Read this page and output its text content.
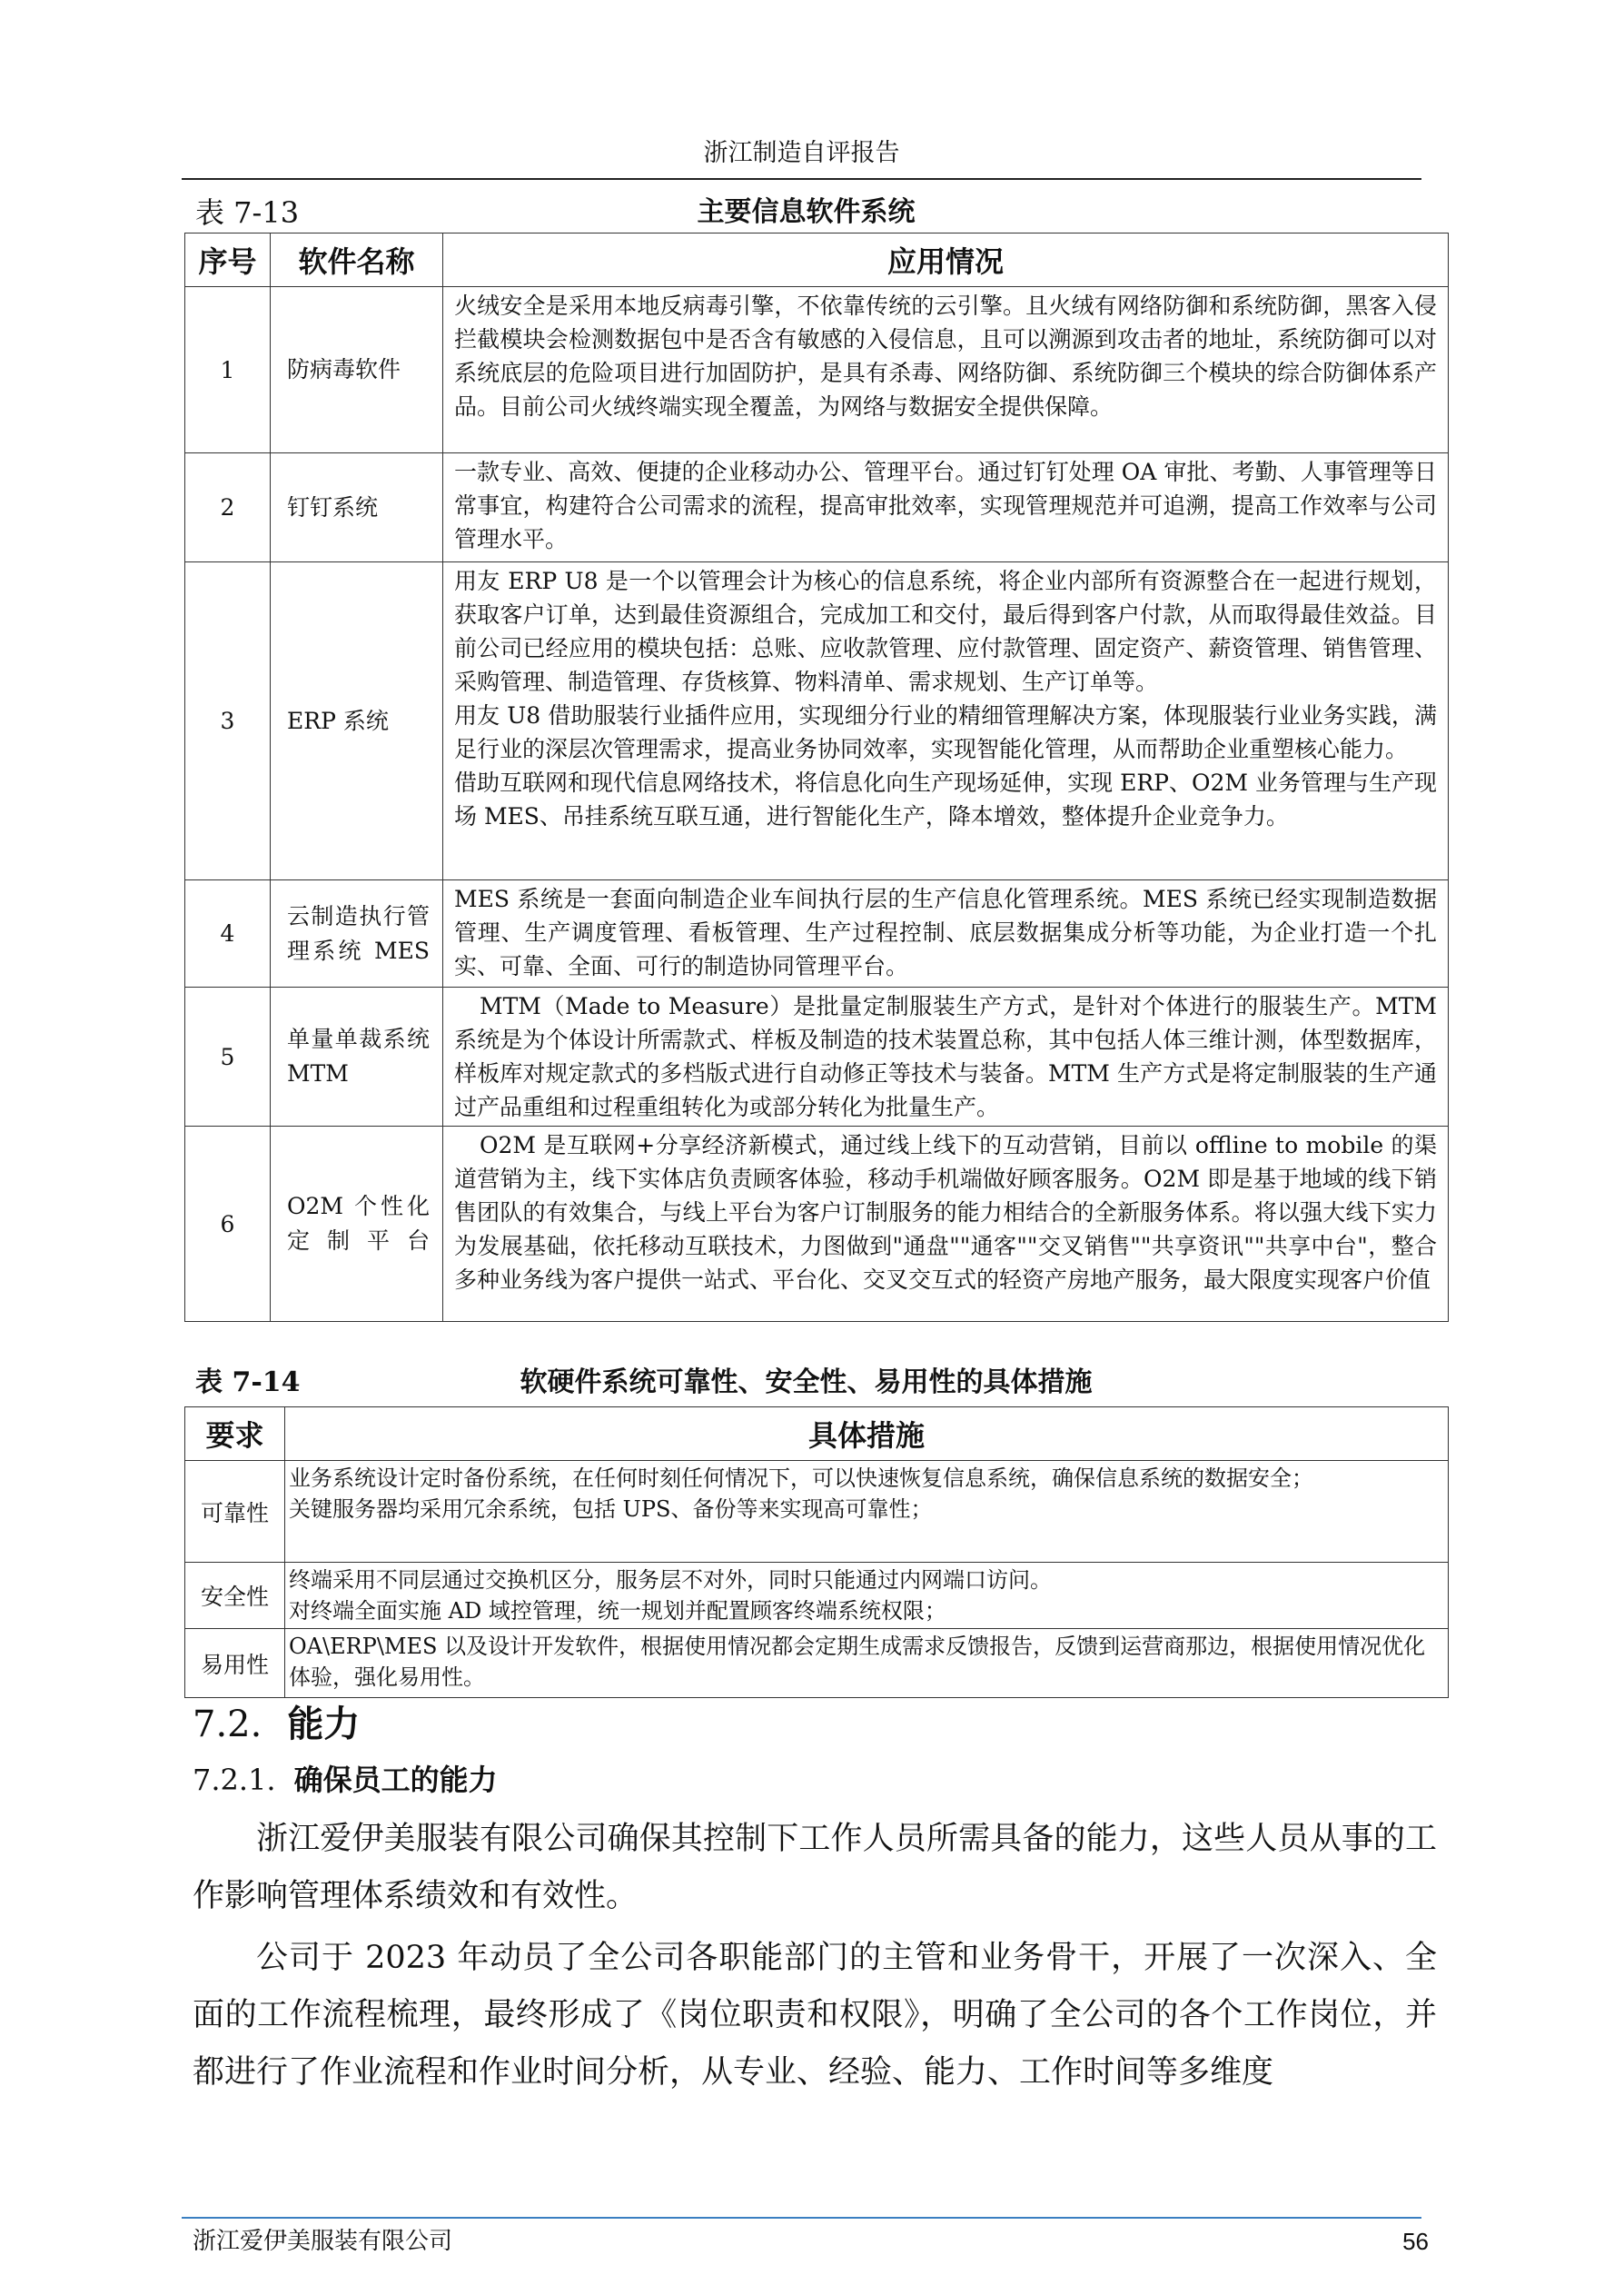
浙江制造自评报告
表 7-13	主要信息软件系统
序号	软件名称	应用情况
1	防病毒软件	火绒安全是采用本地反病毒引擎，不依靠传统的云引擎。且火绒有网络防御和系统防御，黑客入侵拦截模块会检测数据包中是否含有敏感的入侵信息，且可以溯源到攻击者的地址，系统防御可以对系统底层的危险项目进行加固防护，是具有杀毒、网络防御、系统防御三个模块的综合防御体系产品。目前公司火绒终端实现全覆盖，为网络与数据安全提供保障。

2	钉钉系统	一款专业、高效、便捷的企业移动办公、管理平台。通过钉钉处理 OA 审批、考勤、人事管理等日常事宜，构建符合公司需求的流程，提高审批效率，实现管理规范并可追溯，提高工作效率与公司管理水平。

3	ERP 系统	用友 ERP U8 是一个以管理会计为核心的信息系统，将企业内部所有资源整合在一起进行规划，获取客户订单，达到最佳资源组合，完成加工和交付，最后得到客户付款，从而取得最佳效益。目前公司已经应用的模块包括：总账、应收款管理、应付款管理、固定资产、薪资管理、销售管理、采购管理、制造管理、存货核算、物料清单、需求规划、生产订单等。

用友 U8 借助服装行业插件应用，实现细分行业的精细管理解决方案，体现服装行业业务实践，满足行业的深层次管理需求，提高业务协同效率，实现智能化管理，从而帮助企业重塑核心能力。

借助互联网和现代信息网络技术，将信息化向生产现场延伸，实现 ERP、O2M 业务管理与生产现场 MES、吊挂系统互联互通，进行智能化生产，降本增效，整体提升企业竞争力。

4	云制造执行管理系统 MES	MES 系统是一套面向制造企业车间执行层的生产信息化管理系统。MES 系统已经实现制造数据管理、生产调度管理、看板管理、生产过程控制、底层数据集成分析等功能，为企业打造一个扎实、可靠、全面、可行的制造协同管理平台。

5	单量单裁系统 MTM	MTM（Made to Measure）是批量定制服装生产方式，是针对个体进行的服装生产。MTM 系统是为个体设计所需款式、样板及制造的技术装置总称，其中包括人体三维计测，体型数据库，样板库对规定款式的多档版式进行自动修正等技术与装备。MTM 生产方式是将定制服装的生产通过产品重组和过程重组转化为或部分转化为批量生产。

6	O2M 个性化定制平台	O2M 是互联网+分享经济新模式，通过线上线下的互动营销，目前以 offline to mobile 的渠道营销为主，线下实体店负责顾客体验，移动手机端做好顾客服务。O2M 即是基于地域的线下销售团队的有效集合，与线上平台为客户订制服务的能力相结合的全新服务体系。将以强大线下实力为发展基础，依托移动互联技术，力图做到"通盘""通客""交叉销售""共享资讯""共享中台"，整合多种业务线为客户提供一站式、平台化、交叉交互式的轻资产房地产服务，最大限度实现客户价值

表 7-14	软硬件系统可靠性、安全性、易用性的具体措施
要求	具体措施
可靠性	业务系统设计定时备份系统，在任何时刻任何情况下，可以快速恢复信息系统，确保信息系统的数据安全；

关键服务器均采用冗余系统，包括 UPS、备份等来实现高可靠性；

安全性	终端采用不同层通过交换机区分，服务层不对外，同时只能通过内网端口访问。

对终端全面实施 AD 域控管理，统一规划并配置顾客终端系统权限；

易用性	OA\ERP\MES 以及设计开发软件，根据使用情况都会定期生成需求反馈报告，反馈到运营商那边，根据使用情况优化体验，强化易用性。

7.2. 能力
7.2.1. 确保员工的能力

浙江爱伊美服装有限公司确保其控制下工作人员所需具备的能力，这些人员从事的工作影响管理体系绩效和有效性。

公司于 2023 年动员了全公司各职能部门的主管和业务骨干，开展了一次深入、全面的工作流程梳理，最终形成了《岗位职责和权限》，明确了全公司的各个工作岗位，并都进行了作业流程和作业时间分析，从专业、经验、能力、工作时间等多维度

浙江爱伊美服装有限公司	56
